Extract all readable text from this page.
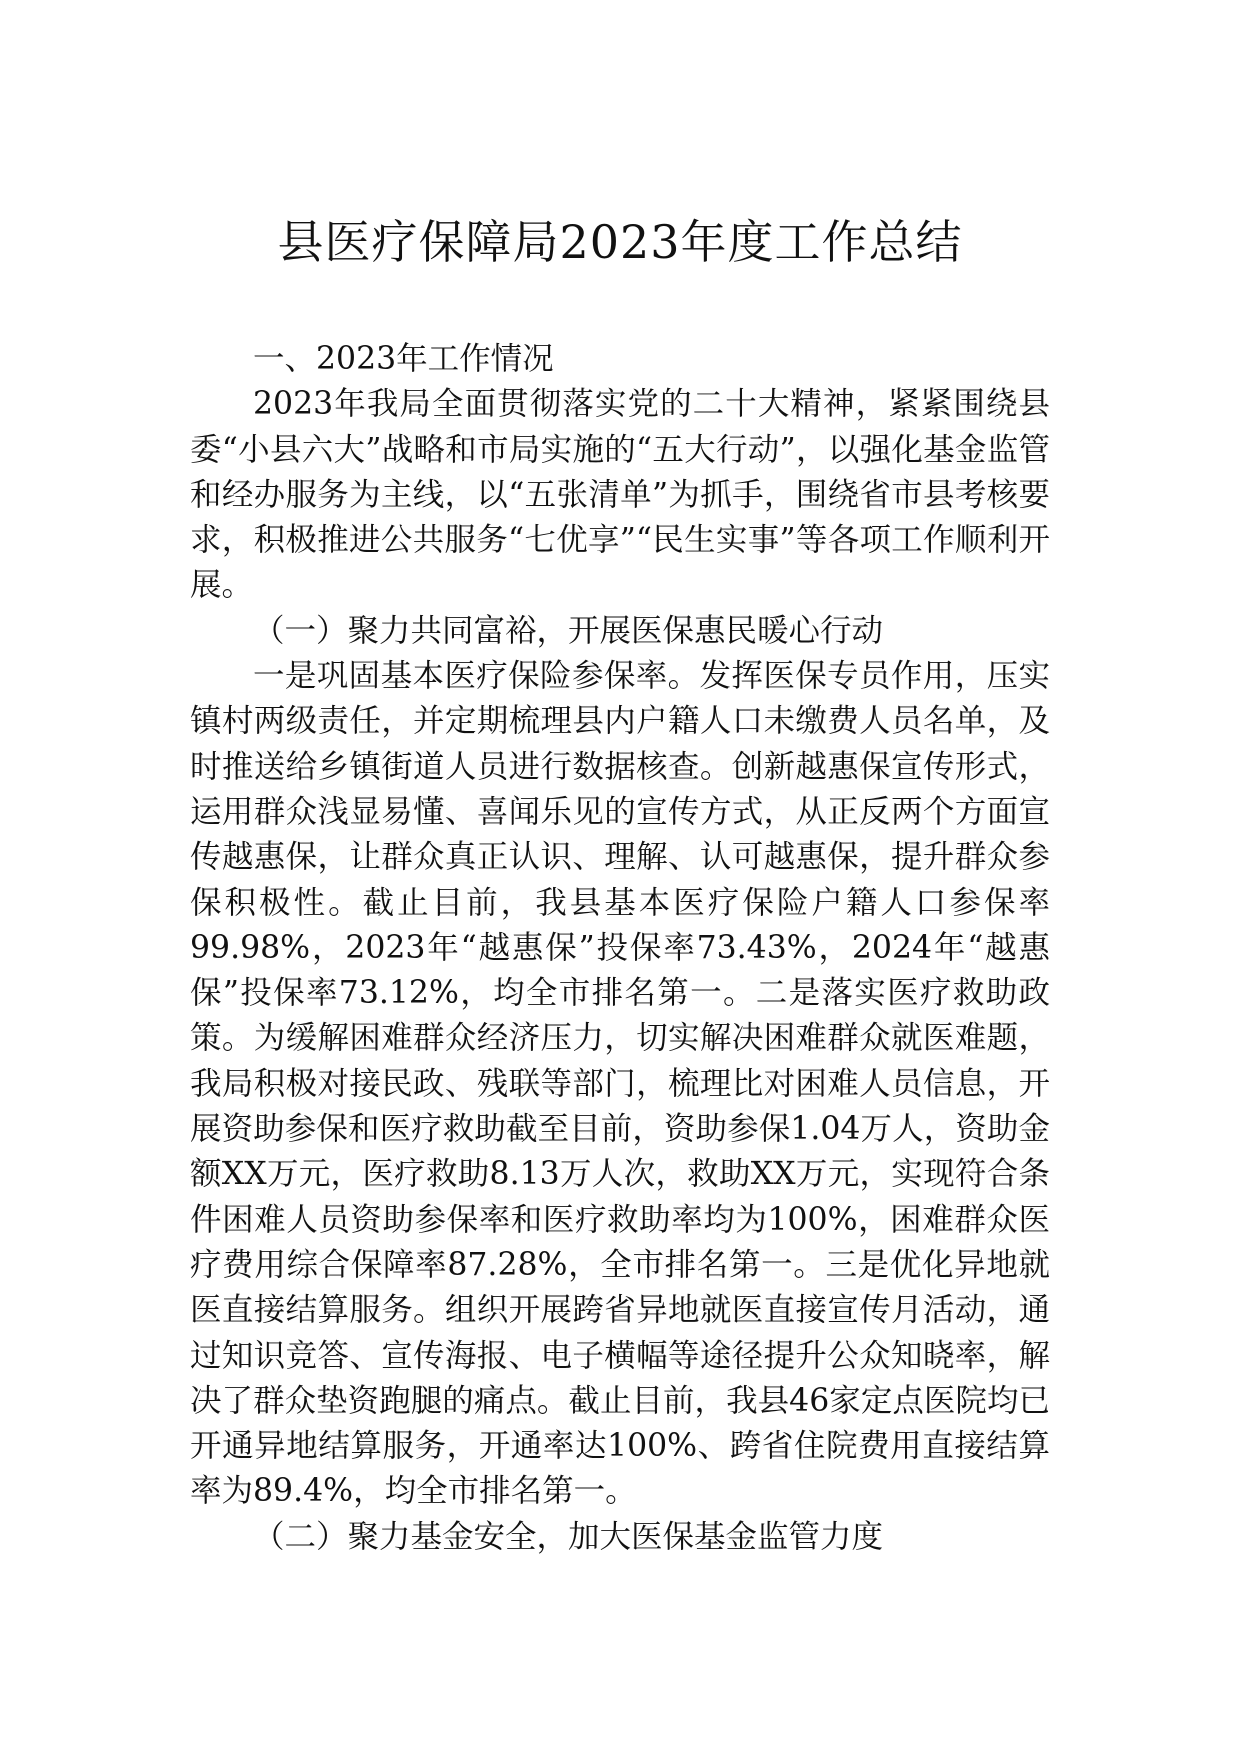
县医疗保障局2023年度工作总结

一、2023年工作情况

2023年我局全面贯彻落实党的二十大精神，紧紧围绕县委“小县六大”战略和市局实施的“五大行动”，以强化基金监管和经办服务为主线，以“五张清单”为抓手，围绕省市县考核要求，积极推进公共服务“七优享”“民生实事”等各项工作顺利开展。

（一）聚力共同富裕，开展医保惠民暖心行动

一是巩固基本医疗保险参保率。发挥医保专员作用，压实镇村两级责任，并定期梳理县内户籍人口未缴费人员名单，及时推送给乡镇街道人员进行数据核查。创新越惠保宣传形式，运用群众浅显易懂、喜闻乐见的宣传方式，从正反两个方面宣传越惠保，让群众真正认识、理解、认可越惠保，提升群众参保积极性。截止目前，我县基本医疗保险户籍人口参保率99.98%，2023年“越惠保”投保率73.43%，2024年“越惠保”投保率73.12%，均全市排名第一。二是落实医疗救助政策。为缓解困难群众经济压力，切实解决困难群众就医难题，我局积极对接民政、残联等部门，梳理比对困难人员信息，开展资助参保和医疗救助截至目前，资助参保1.04万人，资助金额XX万元，医疗救助8.13万人次，救助XX万元，实现符合条件困难人员资助参保率和医疗救助率均为100%，困难群众医疗费用综合保障率87.28%，全市排名第一。三是优化异地就医直接结算服务。组织开展跨省异地就医直接宣传月活动，通过知识竞答、宣传海报、电子横幅等途径提升公众知晓率，解决了群众垫资跑腿的痛点。截止目前，我县46家定点医院均已开通异地结算服务，开通率达100%、跨省住院费用直接结算率为89.4%，均全市排名第一。

（二）聚力基金安全，加大医保基金监管力度
